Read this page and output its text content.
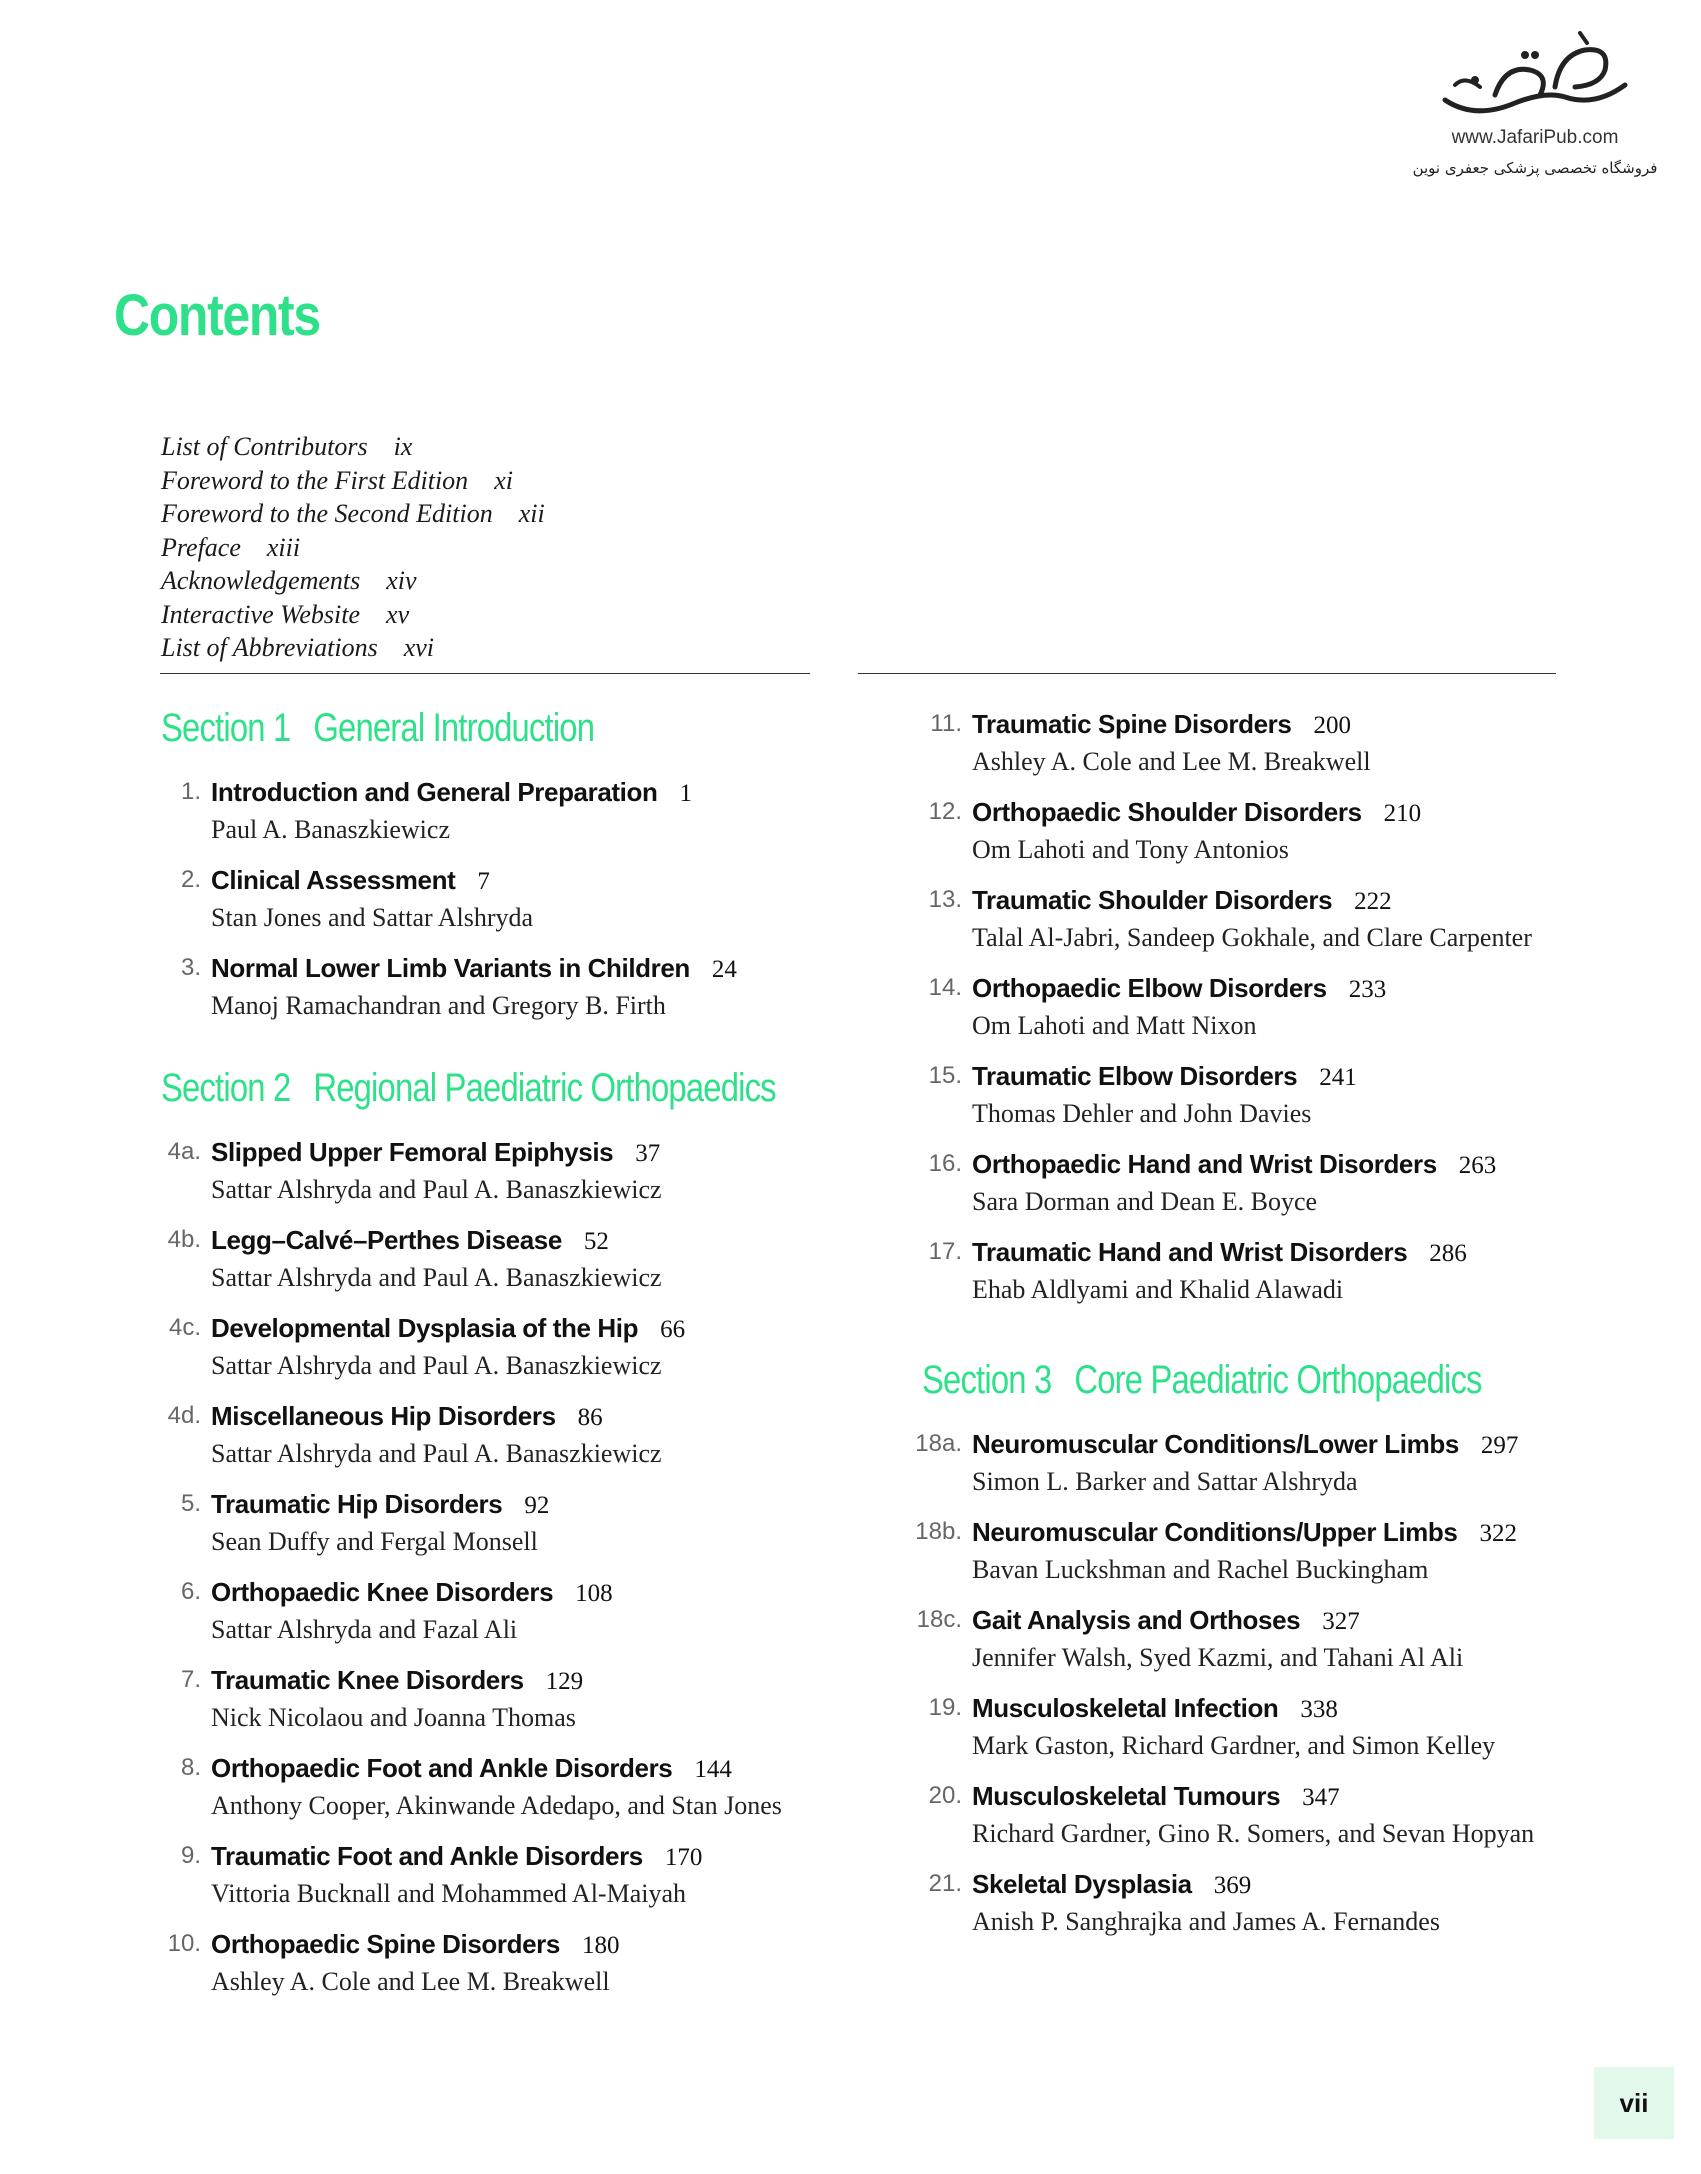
www.JafariPub.com
فروشگاه تخصصی پزشکی جعفری نوین
Contents
List of Contributors ix
Foreword to the First Edition xi
Foreword to the Second Edition xii
Preface xiii
Acknowledgements xiv
Interactive Website xv
List of Abbreviations xvi
Section 1 General Introduction
1. Introduction and General Preparation 1
Paul A. Banaszkiewicz
2. Clinical Assessment 7
Stan Jones and Sattar Alshryda
3. Normal Lower Limb Variants in Children 24
Manoj Ramachandran and Gregory B. Firth
Section 2 Regional Paediatric Orthopaedics
4a. Slipped Upper Femoral Epiphysis 37
Sattar Alshryda and Paul A. Banaszkiewicz
4b. Legg–Calvé–Perthes Disease 52
Sattar Alshryda and Paul A. Banaszkiewicz
4c. Developmental Dysplasia of the Hip 66
Sattar Alshryda and Paul A. Banaszkiewicz
4d. Miscellaneous Hip Disorders 86
Sattar Alshryda and Paul A. Banaszkiewicz
5. Traumatic Hip Disorders 92
Sean Duffy and Fergal Monsell
6. Orthopaedic Knee Disorders 108
Sattar Alshryda and Fazal Ali
7. Traumatic Knee Disorders 129
Nick Nicolaou and Joanna Thomas
8. Orthopaedic Foot and Ankle Disorders 144
Anthony Cooper, Akinwande Adedapo, and Stan Jones
9. Traumatic Foot and Ankle Disorders 170
Vittoria Bucknall and Mohammed Al-Maiyah
10. Orthopaedic Spine Disorders 180
Ashley A. Cole and Lee M. Breakwell
11. Traumatic Spine Disorders 200
Ashley A. Cole and Lee M. Breakwell
12. Orthopaedic Shoulder Disorders 210
Om Lahoti and Tony Antonios
13. Traumatic Shoulder Disorders 222
Talal Al-Jabri, Sandeep Gokhale, and Clare Carpenter
14. Orthopaedic Elbow Disorders 233
Om Lahoti and Matt Nixon
15. Traumatic Elbow Disorders 241
Thomas Dehler and John Davies
16. Orthopaedic Hand and Wrist Disorders 263
Sara Dorman and Dean E. Boyce
17. Traumatic Hand and Wrist Disorders 286
Ehab Aldlyami and Khalid Alawadi
Section 3 Core Paediatric Orthopaedics
18a. Neuromuscular Conditions/Lower Limbs 297
Simon L. Barker and Sattar Alshryda
18b. Neuromuscular Conditions/Upper Limbs 322
Bavan Luckshman and Rachel Buckingham
18c. Gait Analysis and Orthoses 327
Jennifer Walsh, Syed Kazmi, and Tahani Al Ali
19. Musculoskeletal Infection 338
Mark Gaston, Richard Gardner, and Simon Kelley
20. Musculoskeletal Tumours 347
Richard Gardner, Gino R. Somers, and Sevan Hopyan
21. Skeletal Dysplasia 369
Anish P. Sanghrajka and James A. Fernandes
vii
